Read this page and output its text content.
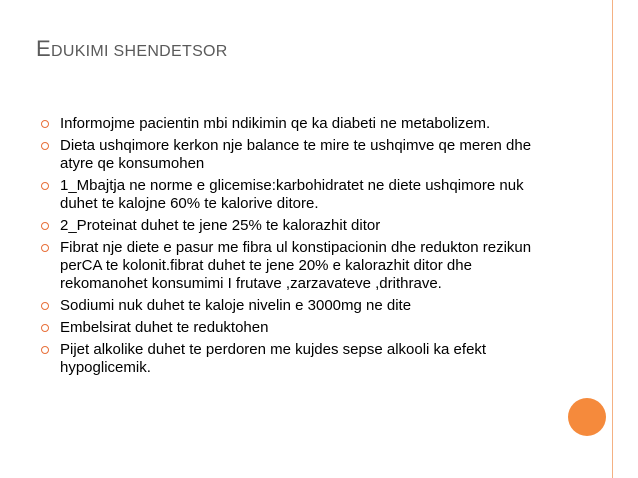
EDUKIMI SHENDETSOR
Informojme pacientin mbi ndikimin qe ka diabeti ne metabolizem.
Dieta ushqimore kerkon nje balance te mire te ushqimve qe meren dhe atyre qe konsumohen
1_Mbajtja ne norme e glicemise:karbohidratet ne diete ushqimore nuk duhet te kalojne 60% te kalorive ditore.
2_Proteinat duhet te jene 25% te kalorazhit ditor
Fibrat nje diete e pasur me fibra ul konstipacionin dhe redukton rezikun perCA te kolonit.fibrat duhet te jene 20% e kalorazhit ditor dhe rekomanohet konsumimi I frutave ,zarzavateve ,drithrave.
Sodiumi nuk duhet te kaloje nivelin e 3000mg ne dite
Embelsirat duhet te reduktohen
Pijet alkolike duhet te perdoren me kujdes sepse alkooli ka efekt hypoglicemik.
